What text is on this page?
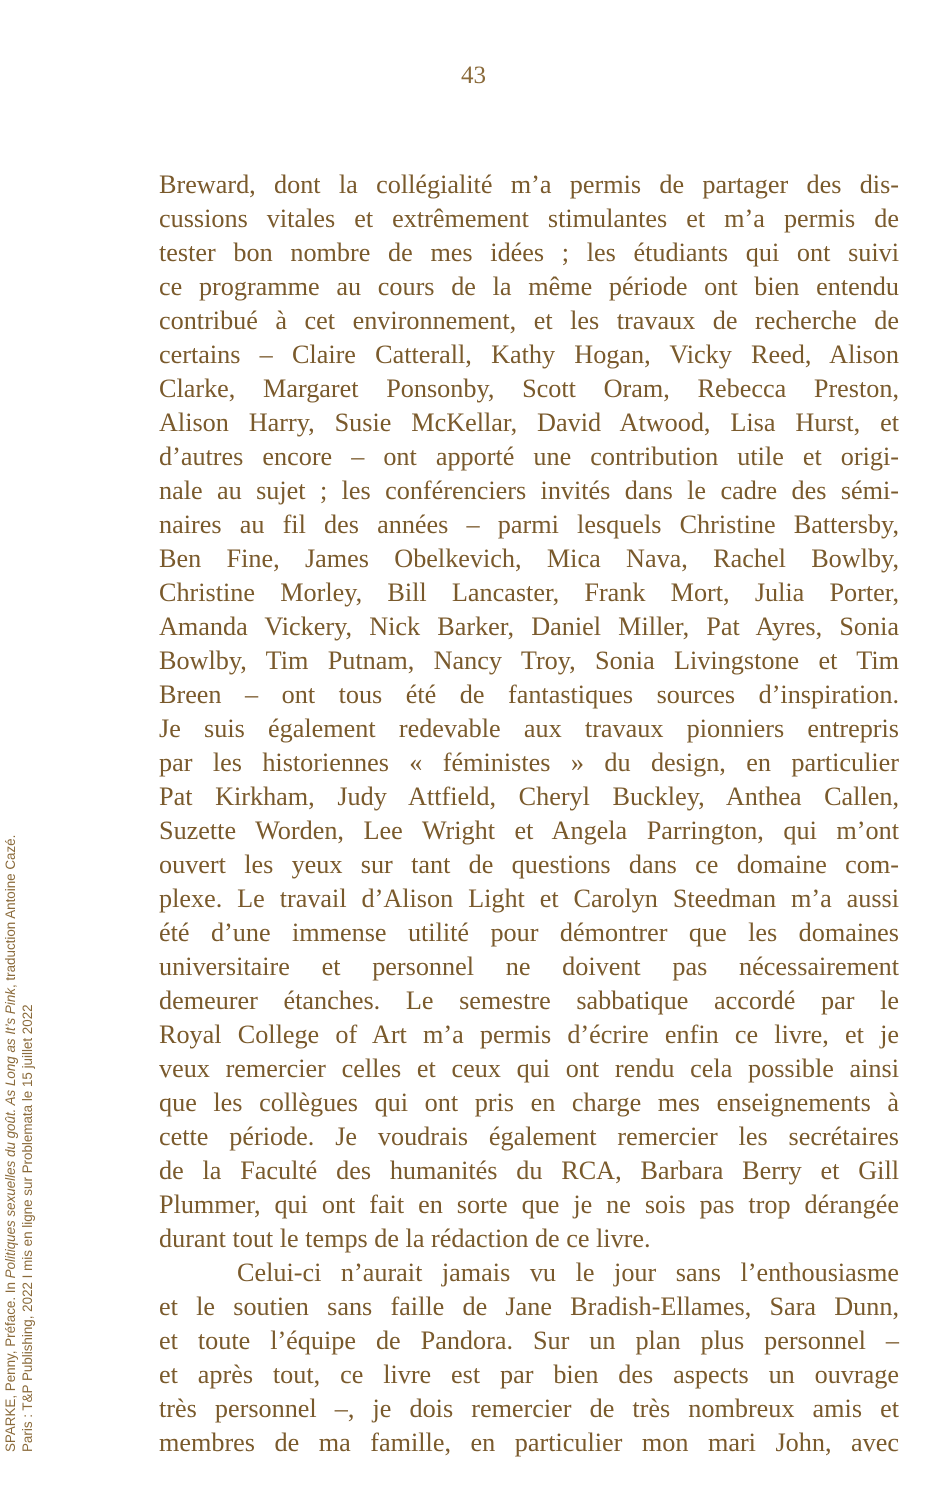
43
Breward, dont la collégialité m’a permis de partager des dis-
cussions vitales et extrêmement stimulantes et m’a permis de
tester bon nombre de mes idées ; les étudiants qui ont suivi
ce programme au cours de la même période ont bien entendu
contribué à cet environnement, et les travaux de recherche de
certains – Claire Catterall, Kathy Hogan, Vicky Reed, Alison
Clarke, Margaret Ponsonby, Scott Oram, Rebecca Preston,
Alison Harry, Susie McKellar, David Atwood, Lisa Hurst, et
d’autres encore – ont apporté une contribution utile et origi-
nale au sujet ; les conférenciers invités dans le cadre des sémi-
naires au fil des années – parmi lesquels Christine Battersby,
Ben Fine, James Obelkevich, Mica Nava, Rachel Bowlby,
Christine Morley, Bill Lancaster, Frank Mort, Julia Porter,
Amanda Vickery, Nick Barker, Daniel Miller, Pat Ayres, Sonia
Bowlby, Tim Putnam, Nancy Troy, Sonia Livingstone et Tim
Breen – ont tous été de fantastiques sources d’inspiration.
Je suis également redevable aux travaux pionniers entrepris
par les historiennes « féministes » du design, en particulier
Pat Kirkham, Judy Attfield, Cheryl Buckley, Anthea Callen,
Suzette Worden, Lee Wright et Angela Parrington, qui m’ont
ouvert les yeux sur tant de questions dans ce domaine com-
plexe. Le travail d’Alison Light et Carolyn Steedman m’a aussi
été d’une immense utilité pour démontrer que les domaines
universitaire et personnel ne doivent pas nécessairement
demeurer étanches. Le semestre sabbatique accordé par le
Royal College of Art m’a permis d’écrire enfin ce livre, et je
veux remercier celles et ceux qui ont rendu cela possible ainsi
que les collègues qui ont pris en charge mes enseignements à
cette période. Je voudrais également remercier les secrétaires
de la Faculté des humanités du RCA, Barbara Berry et Gill
Plummer, qui ont fait en sorte que je ne sois pas trop dérangée
durant tout le temps de la rédaction de ce livre.
Celui-ci n’aurait jamais vu le jour sans l’enthousiasme
et le soutien sans faille de Jane Bradish-Ellames, Sara Dunn,
et toute l’équipe de Pandora. Sur un plan plus personnel –
et après tout, ce livre est par bien des aspects un ouvrage
très personnel –, je dois remercier de très nombreux amis et
membres de ma famille, en particulier mon mari John, avec
SPARKE, Penny, Préface. In Politiques sexuelles du goût. As Long as It’s Pink, traduction Antoine Cazé.
Paris : T&P Publishing, 2022 I mis en ligne sur Problemata le 15 juillet 2022
